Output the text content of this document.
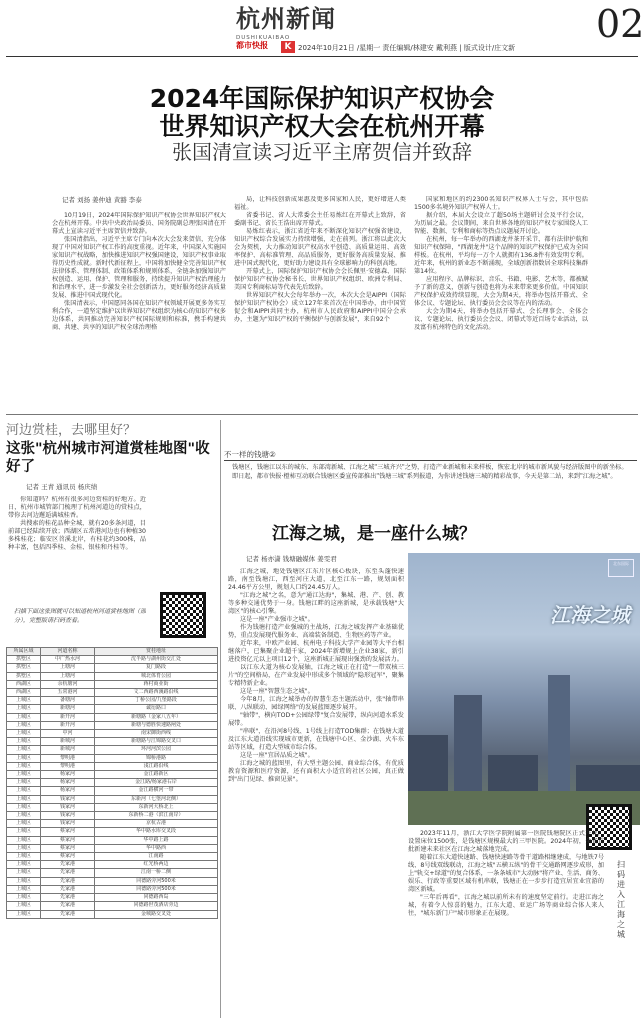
杭州新闻
DUSHIKUAIBAO
都市快报	K 2024年10月21日 /星期一 责任编辑/林建安 戴利燕 | 版式设计/庄文新
02
2024年国际保护知识产权协会
世界知识产权大会在杭州开幕
张国清宣读习近平主席贺信并致辞
记者 刘扬 姜仲迪 黄豁 李泰

10月19日，2024年国际保护知识产权协会世界知识产权大会在杭州开幕。中共中央政治局委员、国务院副总理张国清在开幕式上宣读习近平主席贺信并致辞。

张国清指出，习近平主席专门向本次大会发来贺信，充分体现了中国对知识产权工作的高度重视。近年来，中国深入实施国家知识产权战略，加快推进知识产权强国建设，知识产权事业取得历史性成就。新时代新征程上，中国将加快健全完善知识产权法律体系、管理体制、政策体系和规则体系，全链条加强知识产权创造、运用、保护、管理和服务，持续提升知识产权治理能力和治理水平，进一步激发全社会创新活力，更好服务经济高质量发展、推进中国式现代化。

张国清表示，中国愿同各国在知识产权领域开展更多务实互利合作，一道坚定维护以世界知识产权组织为核心的知识产权多边体系，共同推动完善知识产权国际规则和标准，携手构建共商、共建、共享的知识产权全球治理格

局，让科技创新成果惠及更多国家和人民，更好增进人类福祉。

省委书记、省人大常委会主任易炼红在开幕式上致辞，省委副书记、省长王浩出席开幕式。

易炼红表示，浙江省近年来不断深化知识产权强省建设，知识产权综合发展实力持续增强，走在前列。浙江将以此次大会为契机，大力推动知识产权高水平创造、高质量运用、高效率保护、高标准管理、高品质服务，更好服务高质量发展、推进中国式现代化，更好助力建设具有全球影响力的科创高地。

开幕式上，国际保护知识产权协会会长佩里·安德森、国际保护知识产权协会秘书长、世界知识产权组织、欧洲专利局、美国专利商标局等代表先后致辞。

世界知识产权大会每年举办一次，本次大会是AIPPI（国际保护知识产权协会）成立127年来首次在中国举办，由中国贸促会和AIPPI共同主办，杭州市人民政府和AIPPI中国分会承办，主题为"知识产权的平衡保护与创新发展"，来自92个

国家和地区的约2300名知识产权界人士与会，其中包括1500多名境外知识产权界人士。

据介绍，本届大会设立了超50场主题研讨会及平行会议，为历届之最。会议期间，来自世界各地的知识产权专家围绕人工智能、数据、专利和商标等热点议题展开讨论。

在杭州，每一年举办的西湖龙井茶开采节、都有法律护航和知识产权保障，"西湖龙井"这个品牌的知识产权保护已成为全国样板。在杭州，平均每一万个人就拥有136.8件有效发明专利。近年来，杭州的新业态不断涌现，全域创新指数居全球科技集群第14位。

应用程序、品牌标识、音乐、书籍、电影、艺术等，都被赋予了新的意义，创新与创造也将为未来带来更多价值。中国知识产权保护成效持续显现，大会为期4天，将举办包括开幕式、全体会议、专题论坛、执行委员会会议等在内的活动。

大会为期4天，将举办包括开幕式、会长理事会、全体会议、专题论坛、执行委员会会议、闭幕式等近百场专业活动，以及富有杭州特色的文化活动。

河边赏桂，去哪里好？
这张"杭州城市河道赏桂地图"收好了
记者 王青 通讯员 杨庆绩

你知道吗？杭州有很多河边赏桂的好地方。近日，杭州市城管部门梳理了杭州河道边的赏桂点，带你去河边邂逅满城桂香。

共搜索的桂花品种全城，就有20多条河道，目前部已经陆续开放；西湖区五常港河边也有种植30多株桂花；临安区苕溪北岸，有桂花约300株，品种丰富，包括四季桂、金桂、银桂和丹桂等。

扫描下面这张图就可以知道杭州河道赏桂地图（部分），完整版请扫码查看。
所属区域	河道名称	赏桂地址
拱墅区	中广热水河	沈半路与湖州街交汇处
拱墅区	上塘河	复门路段
拱墅区	上塘河	城北体育公园
西湖区	余杭塘河	蒋村商业街
西湖区	五常港河	文二西路西溪路沿线
上城区	备塘河	丁桥公园/九堡路段
上城区	新塘河	诚衍路口
上城区	新开河	新塘路（金家八五年）
上城区	新开河	新塘与德胜快速路闸处
上城区	中河	南宋御街西线
上城区	新城河	新塘路与江锦路交叉口
上城区	新城河	环河河滨公园
上城区	黎明港	锦桥港路
上城区	黎明港	浅江路沿线
上城区	杨家河	金江路新区
上城区	杨家河	金江路/杨家港右岸
上城区	杨家河	金江路横河一带
上城区	钱家河	东新河（七堡河北侧）
上城区	钱家河	东新河大桥北上
上城区	钱家河	东新桥二港（滨江南岸）
上城区	钱家河	京杭古港
上城区	蔡家河	华中路水库交叉段
上城区	蔡家河	华中路上路
上城区	蔡家河	华中路西
上城区	蔡家河	江南路
上城区	先家港	红光桥两边
上城区	先家港	江南一桥二侧
上城区	先家港	同德路旁河500米
上城区	先家港	同德路旁河500米
上城区	先家港	同德路西岛
上城区	先家港	同德路世茂酒店旁边
上城区	先家港	金城路交叉处
不一样的钱塘②
钱塘区，钱塘江以东的城东、东部湾新城、江海之城"三城齐兴"之势，打造产业新城和未来样板，恢宏北岸的城市新风貌与经济版图中的新坐标。即日起，都市快报·橙柿互动联合钱塘区委宣传部推出"钱塘三城"系列报道，为你讲述钱塘三城的精彩故事，今天是第二站，来到"江海之城"。
江海之城，是一座什么城？
记者 杨亦潇 钱塘融媒体 姜雯君

江海之城，地处钱塘区江东片区核心板块，东至头蓬快速路，南至钱塘江，西至河庄大道，北至江东一路，规划面积24.46平方公里，规划人口约24.45万人。

"江海之城"之名，意为"通江达海"，集城、港、产、创、教等多种交通优势于一身。钱塘江畔的这座新城，是承载钱塘"大湾区"的核心引擎。

这是一座"产业强市之城"。

作为钱塘打造产业强城的主战场，江海之城发挥产业基础优势，重点发展现代服务业、高端装备制造、生物医药等产业。

近年来，中欧产业园、杭州电子科技大学产业园等大平台相继落户，已集聚企业超千家，2024年新增规上企业38家，新引进投资亿元以上项目12个，这座新城正展现出强劲的发展活力。

以江东大道为核心发展轴，江海之城正在打造"一带双核三片"的空间格局，在产业发展中形成多个领域的"隐形冠军"，聚集专精特新企业。

这是一座"智慧生态之城"。

今年8月，江海之城举办的智慧生态主题活动中，张"轴带串联、八纵联动、园绿网络"的发展蓝图逐步展开。

"轴带"，横向TOD+公园绿带"复合发展带，纵向河道水系发展带。

"串联"，在沿河8号线、1号线上打造TOD集群；在钱塘大道及江东大道沿线实现城市更新，在钱塘中心区、金沙湖、火车东站等区域，打造大型城市综合体。

这是一座"宜居品质之城"。

江海之城的蓝图里，有大型主题公园、商业综合体，有优质教育资源和医疗资源，还有面积大小适宜的社区公园，真正做到"出门见绿、推窗见景"。

江海之城
北东国际
扫码进入江海之城

2023年11月，浙江大学医学院附属第一医院钱塘院区正式开业，设置床位1500张，是钱塘区规模最大的三甲医院。2024年初，全省首批新建未来社区在江海之城落地完成。

随着江东大道快速路、钱塘快速路等骨干道路相继建成，与地铁7号线、8号线双线联动，江海之城"五横五纵"的骨干交通路网逐步成形，加上"轨交+绿道"的复合体系，一条条城市"大动脉"将产业、生活、商务、娱乐、行政等重要区域有机串联，钱塘正在一步步打造宜居宜业宜游的湾区新城。

"三年后再看"，江海之城以前所未有的速度坚定前行。走进江海之城，有着令人惊喜的魅力，江东大道、亚运广场等商业综合体人来人往，"城东新门户"城市形象正在展现。
